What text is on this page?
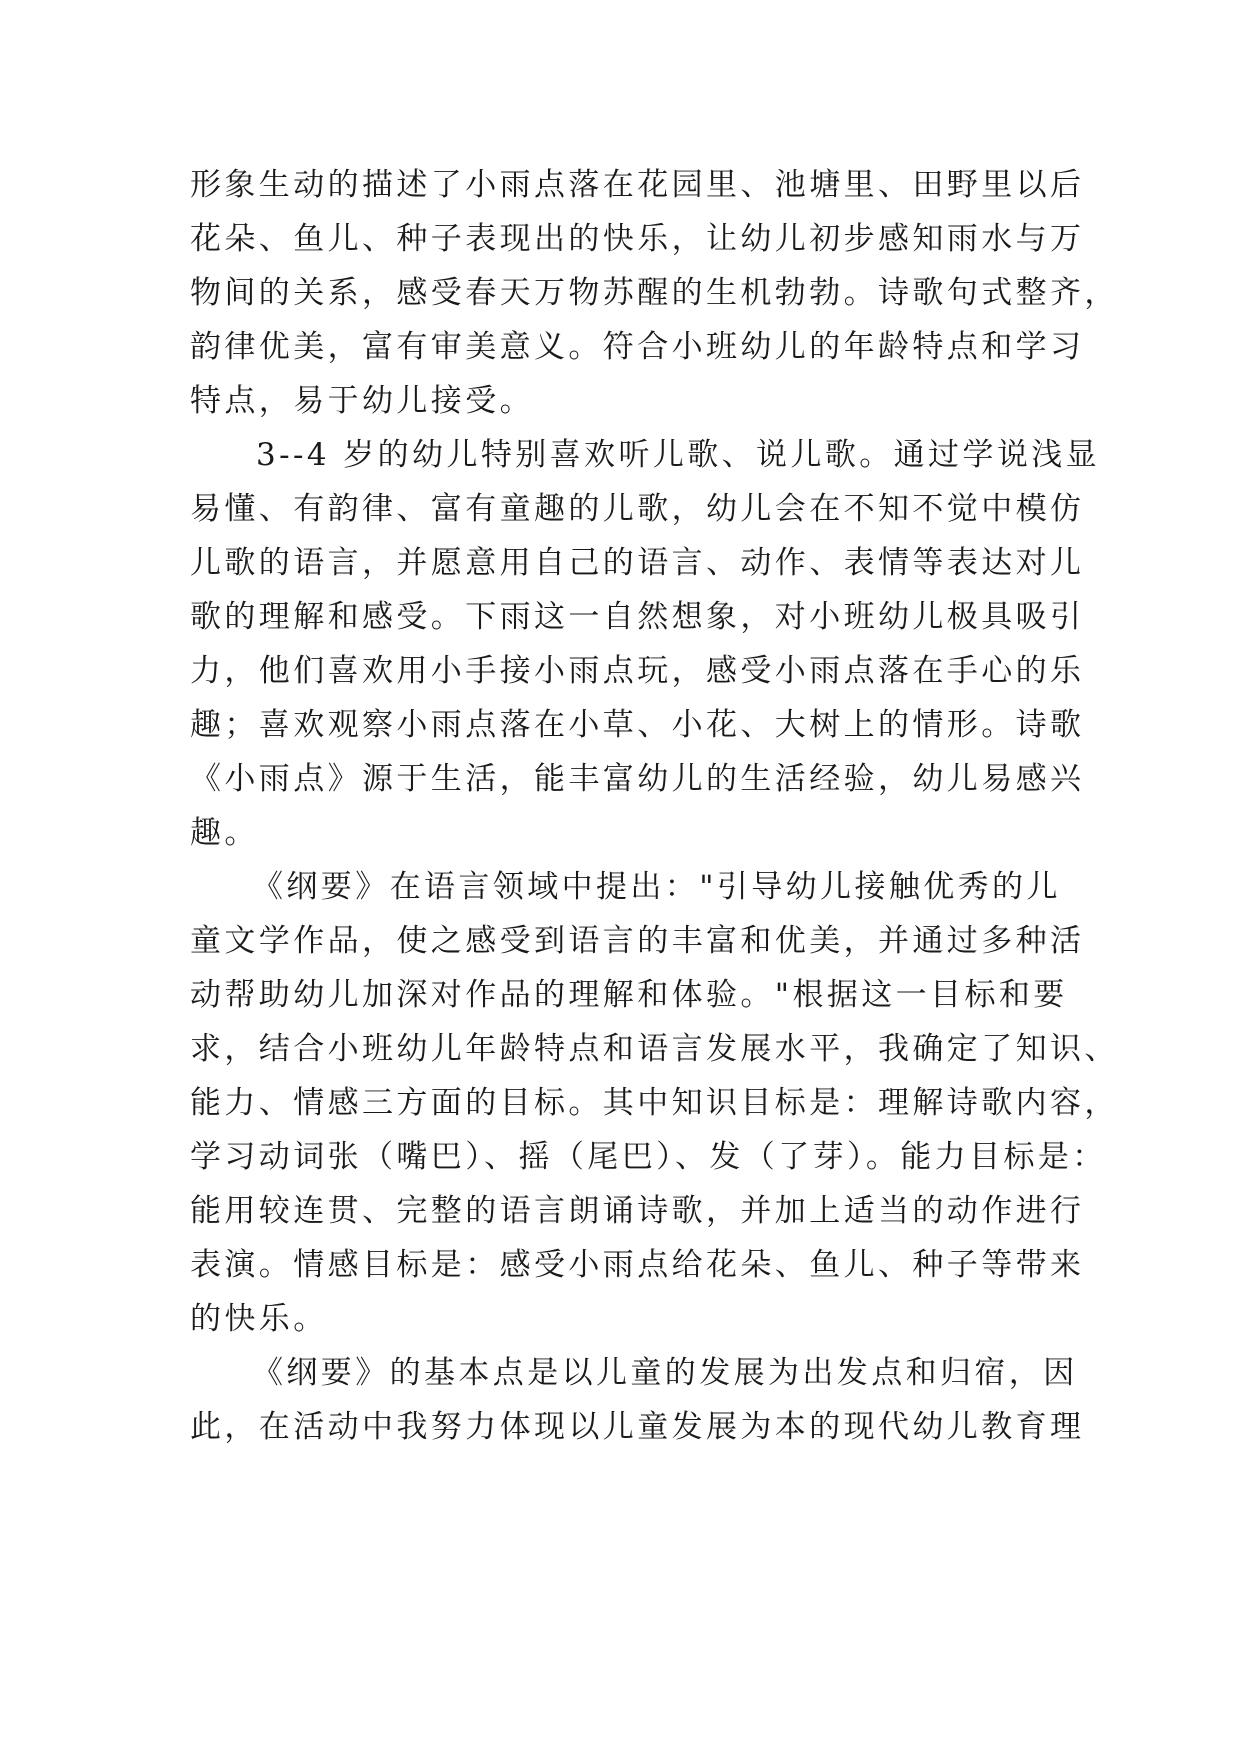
形象生动的描述了小雨点落在花园里、池塘里、田野里以后
花朵、鱼儿、种子表现出的快乐，让幼儿初步感知雨水与万
物间的关系，感受春天万物苏醒的生机勃勃。诗歌句式整齐，
韵律优美，富有审美意义。符合小班幼儿的年龄特点和学习
特点，易于幼儿接受。
3--4 岁的幼儿特别喜欢听儿歌、说儿歌。通过学说浅显
易懂、有韵律、富有童趣的儿歌，幼儿会在不知不觉中模仿
儿歌的语言，并愿意用自己的语言、动作、表情等表达对儿
歌的理解和感受。下雨这一自然想象，对小班幼儿极具吸引
力，他们喜欢用小手接小雨点玩，感受小雨点落在手心的乐
趣；喜欢观察小雨点落在小草、小花、大树上的情形。诗歌
《小雨点》源于生活，能丰富幼儿的生活经验，幼儿易感兴
趣。
《纲要》在语言领域中提出："引导幼儿接触优秀的儿
童文学作品，使之感受到语言的丰富和优美，并通过多种活
动帮助幼儿加深对作品的理解和体验。"根据这一目标和要
求，结合小班幼儿年龄特点和语言发展水平，我确定了知识、
能力、情感三方面的目标。其中知识目标是：理解诗歌内容，
学习动词张（嘴巴）、摇（尾巴）、发（了芽）。能力目标是：
能用较连贯、完整的语言朗诵诗歌，并加上适当的动作进行
表演。情感目标是：感受小雨点给花朵、鱼儿、种子等带来
的快乐。
《纲要》的基本点是以儿童的发展为出发点和归宿，因
此，在活动中我努力体现以儿童发展为本的现代幼儿教育理
